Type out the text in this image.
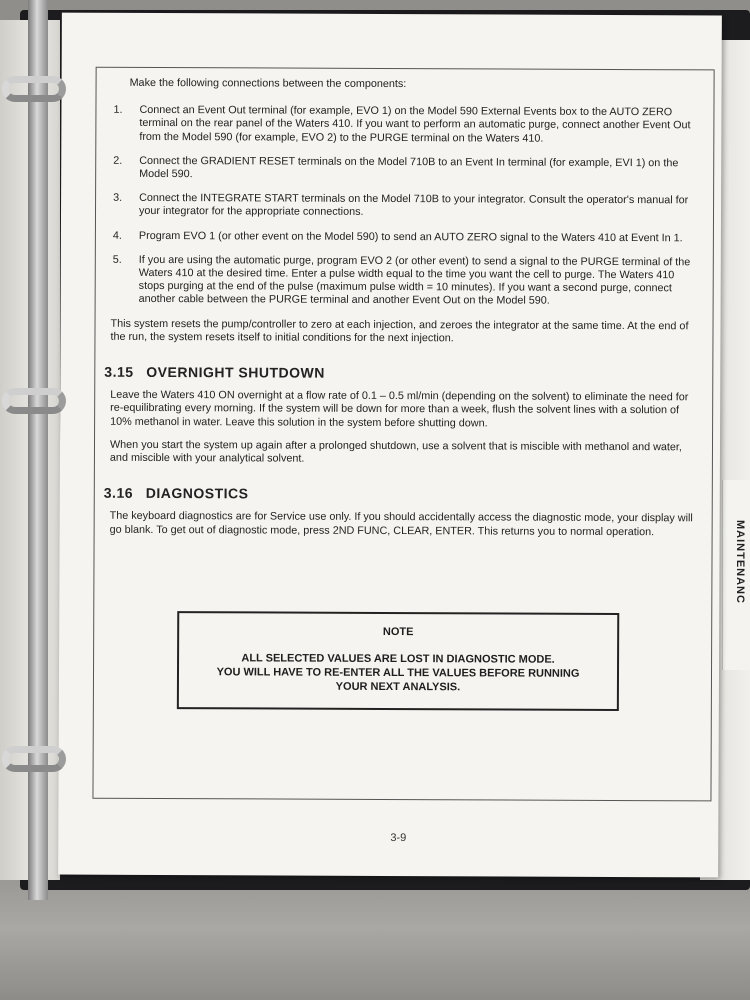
MAINTENANC
Make the following connections between the components:
1.	Connect an Event Out terminal (for example, EVO 1) on the Model 590 External Events box to the AUTO ZERO terminal on the rear panel of the Waters 410. If you want to perform an automatic purge, connect another Event Out from the Model 590 (for example, EVO 2) to the PURGE terminal on the Waters 410.
2.	Connect the GRADIENT RESET terminals on the Model 710B to an Event In terminal (for example, EVI 1) on the Model 590.
3.	Connect the INTEGRATE START terminals on the Model 710B to your integrator. Consult the operator's manual for your integrator for the appropriate connections.
4.	Program EVO 1 (or other event on the Model 590) to send an AUTO ZERO signal to the Waters 410 at Event In 1.
5.	If you are using the automatic purge, program EVO 2 (or other event) to send a signal to the PURGE terminal of the Waters 410 at the desired time. Enter a pulse width equal to the time you want the cell to purge. The Waters 410 stops purging at the end of the pulse (maximum pulse width = 10 minutes). If you want a second purge, connect another cable between the PURGE terminal and another Event Out on the Model 590.

This system resets the pump/controller to zero at each injection, and zeroes the integrator at the same time. At the end of the run, the system resets itself to initial conditions for the next injection.

3.15 OVERNIGHT SHUTDOWN

Leave the Waters 410 ON overnight at a flow rate of 0.1 – 0.5 ml/min (depending on the solvent) to eliminate the need for re-equilibrating every morning. If the system will be down for more than a week, flush the solvent lines with a solution of 10% methanol in water. Leave this solution in the system before shutting down.

When you start the system up again after a prolonged shutdown, use a solvent that is miscible with methanol and water, and miscible with your analytical solvent.

3.16 DIAGNOSTICS

The keyboard diagnostics are for Service use only. If you should accidentally access the diagnostic mode, your display will go blank. To get out of diagnostic mode, press 2ND FUNC, CLEAR, ENTER. This returns you to normal operation.

NOTE
ALL SELECTED VALUES ARE LOST IN DIAGNOSTIC MODE.
YOU WILL HAVE TO RE-ENTER ALL THE VALUES BEFORE RUNNING
YOUR NEXT ANALYSIS.
3-9
